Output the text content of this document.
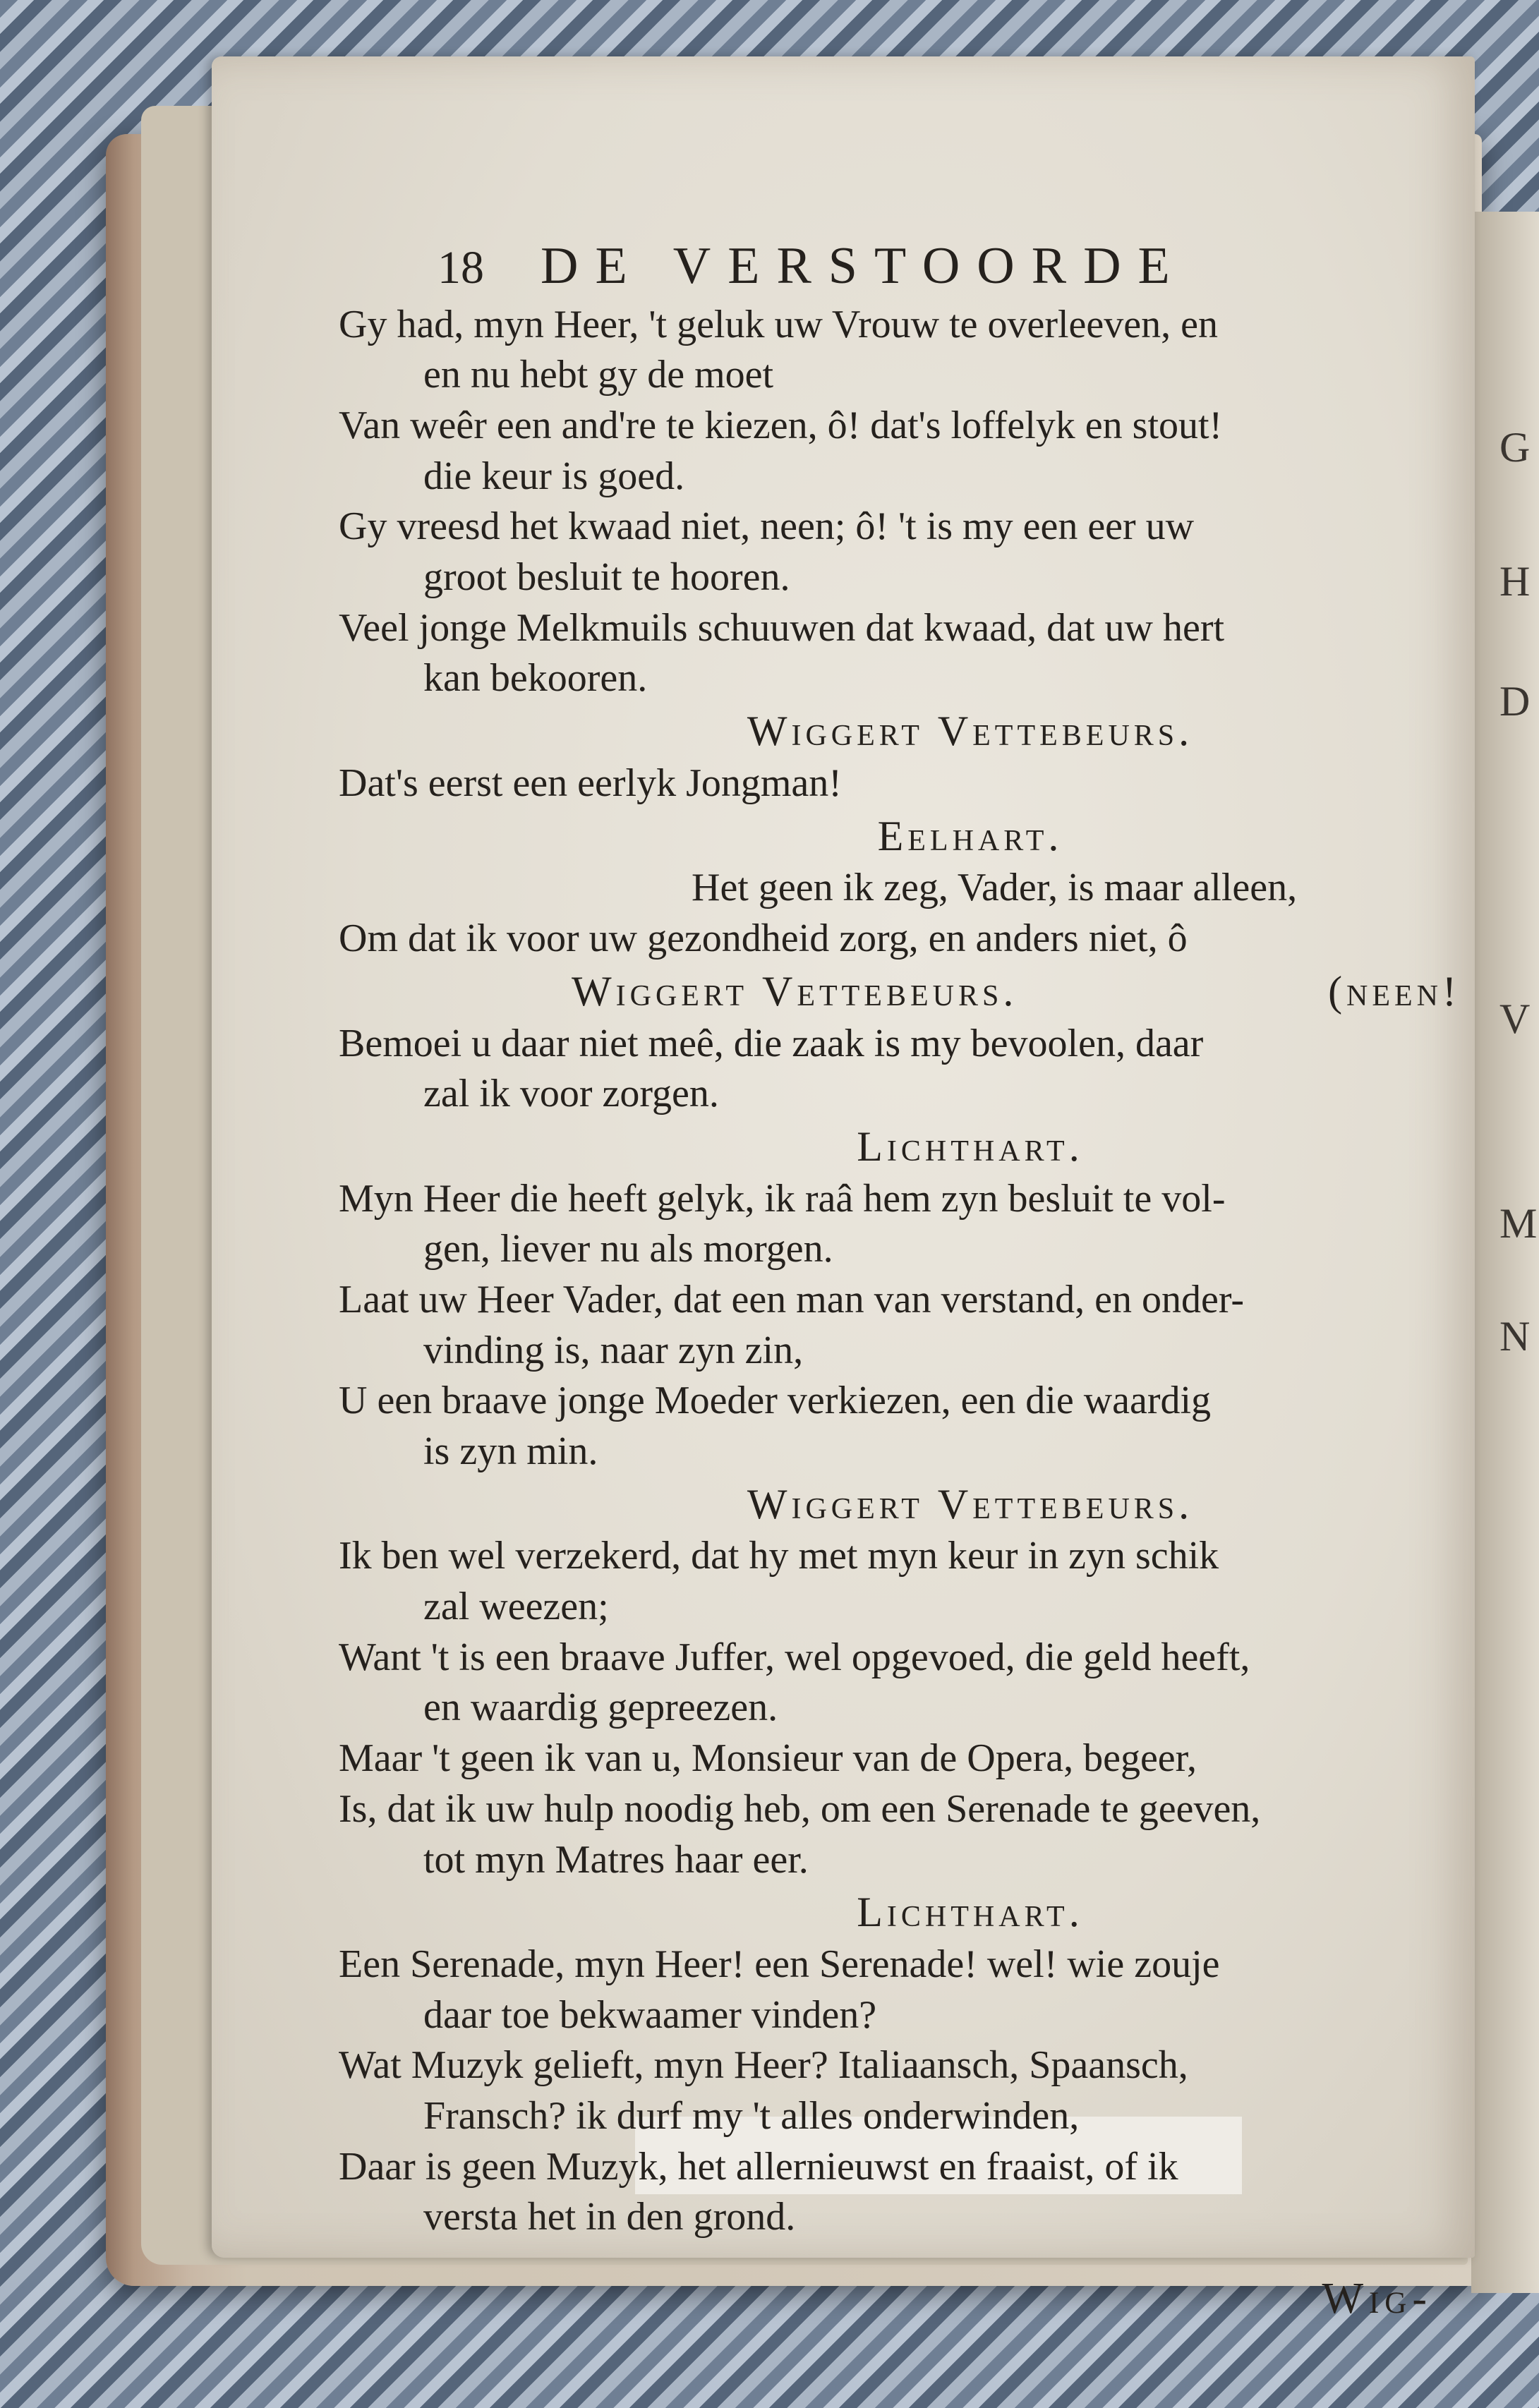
G
H
D
V
M
N
18 DE VERSTOORDE
Gy had, myn Heer, 't geluk uw Vrouw te overleeven, en
en nu hebt gy de moet
Van weêr een and're te kiezen, ô! dat's loffelyk en stout!
die keur is goed.
Gy vreesd het kwaad niet, neen; ô! 't is my een eer uw
groot besluit te hooren.
Veel jonge Melkmuils schuuwen dat kwaad, dat uw hert
kan bekooren.
Wiggert Vettebeurs.
Dat's eerst een eerlyk Jongman!
Eelhart.
Het geen ik zeg, Vader, is maar alleen,
Om dat ik voor uw gezondheid zorg, en anders niet, ô
Wiggert Vettebeurs.	(neen!
Bemoei u daar niet meê, die zaak is my bevoolen, daar
zal ik voor zorgen.
Lichthart.
Myn Heer die heeft gelyk, ik raâ hem zyn besluit te vol-
gen, liever nu als morgen.
Laat uw Heer Vader, dat een man van verstand, en onder-
vinding is, naar zyn zin,
U een braave jonge Moeder verkiezen, een die waardig
is zyn min.
Wiggert Vettebeurs.
Ik ben wel verzekerd, dat hy met myn keur in zyn schik
zal weezen;
Want 't is een braave Juffer, wel opgevoed, die geld heeft,
en waardig gepreezen.
Maar 't geen ik van u, Monsieur van de Opera, begeer,
Is, dat ik uw hulp noodig heb, om een Serenade te geeven,
tot myn Matres haar eer.
Lichthart.
Een Serenade, myn Heer! een Serenade! wel! wie zouje
daar toe bekwaamer vinden?
Wat Muzyk gelieft, myn Heer? Italiaansch, Spaansch,
Fransch? ik durf my 't alles onderwinden,
Daar is geen Muzyk, het allernieuwst en fraaist, of ik
versta het in den grond.
Wig-
